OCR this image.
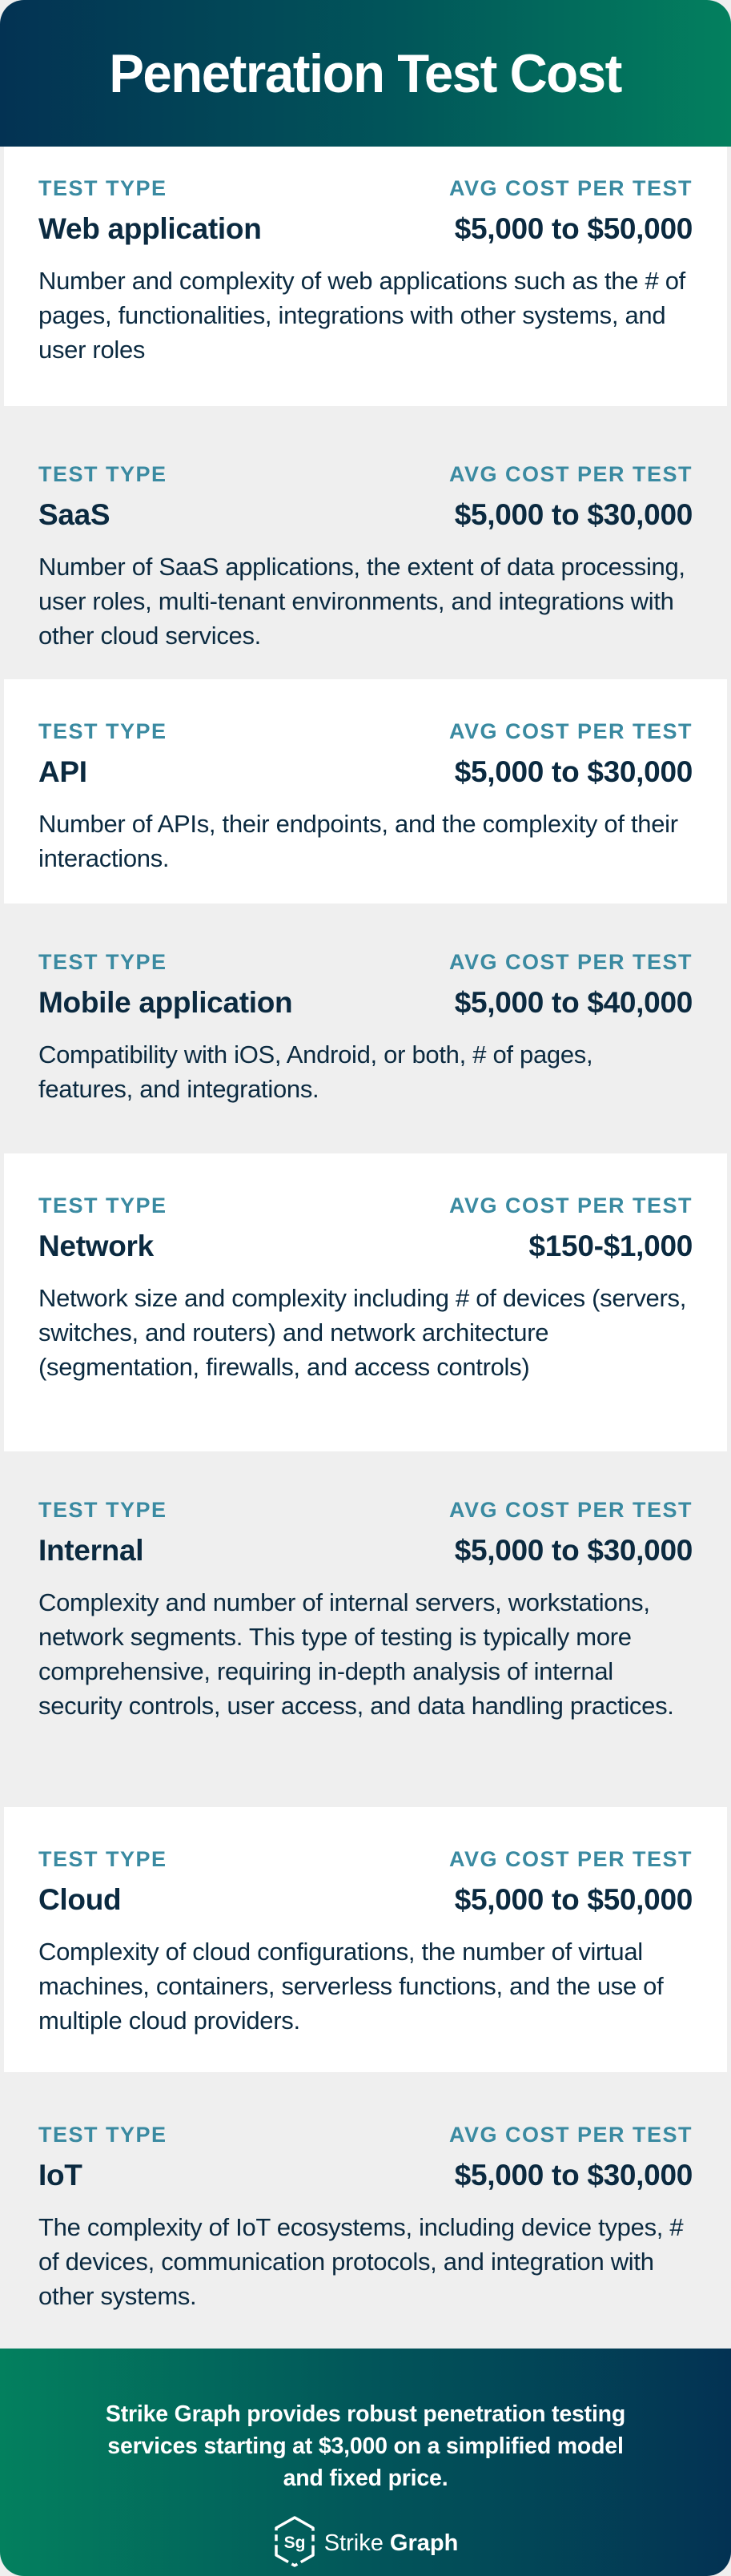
Penetration Test Cost
TEST TYPE	AVG COST PER TEST
Web application	$5,000 to $50,000
Number and complexity of web applications such as the # of pages, functionalities, integrations with other systems, and user roles
TEST TYPE	AVG COST PER TEST
SaaS	$5,000 to $30,000
Number of SaaS applications, the extent of data processing, user roles, multi-tenant environments, and integrations with other cloud services.
TEST TYPE	AVG COST PER TEST
API	$5,000 to $30,000
Number of APIs, their endpoints, and the complexity of their interactions.
TEST TYPE	AVG COST PER TEST
Mobile application	$5,000 to $40,000
Compatibility with iOS, Android, or both, # of pages, features, and integrations.
TEST TYPE	AVG COST PER TEST
Network	$150-$1,000
Network size and complexity including # of devices (servers, switches, and routers) and network architecture (segmentation, firewalls, and access controls)
TEST TYPE	AVG COST PER TEST
Internal	$5,000 to $30,000
Complexity and number of internal servers, workstations, network segments. This type of testing is typically more comprehensive, requiring in-depth analysis of internal security controls, user access, and data handling practices.
TEST TYPE	AVG COST PER TEST
Cloud	$5,000 to $50,000
Complexity of cloud configurations, the number of virtual machines, containers, serverless functions, and the use of multiple cloud providers.
TEST TYPE	AVG COST PER TEST
IoT	$5,000 to $30,000
The complexity of IoT ecosystems, including device types, # of devices, communication protocols, and integration with other systems.

Strike Graph provides robust penetration testing services starting at $3,000 on a simplified model and fixed price.

Sg Strike Graph
